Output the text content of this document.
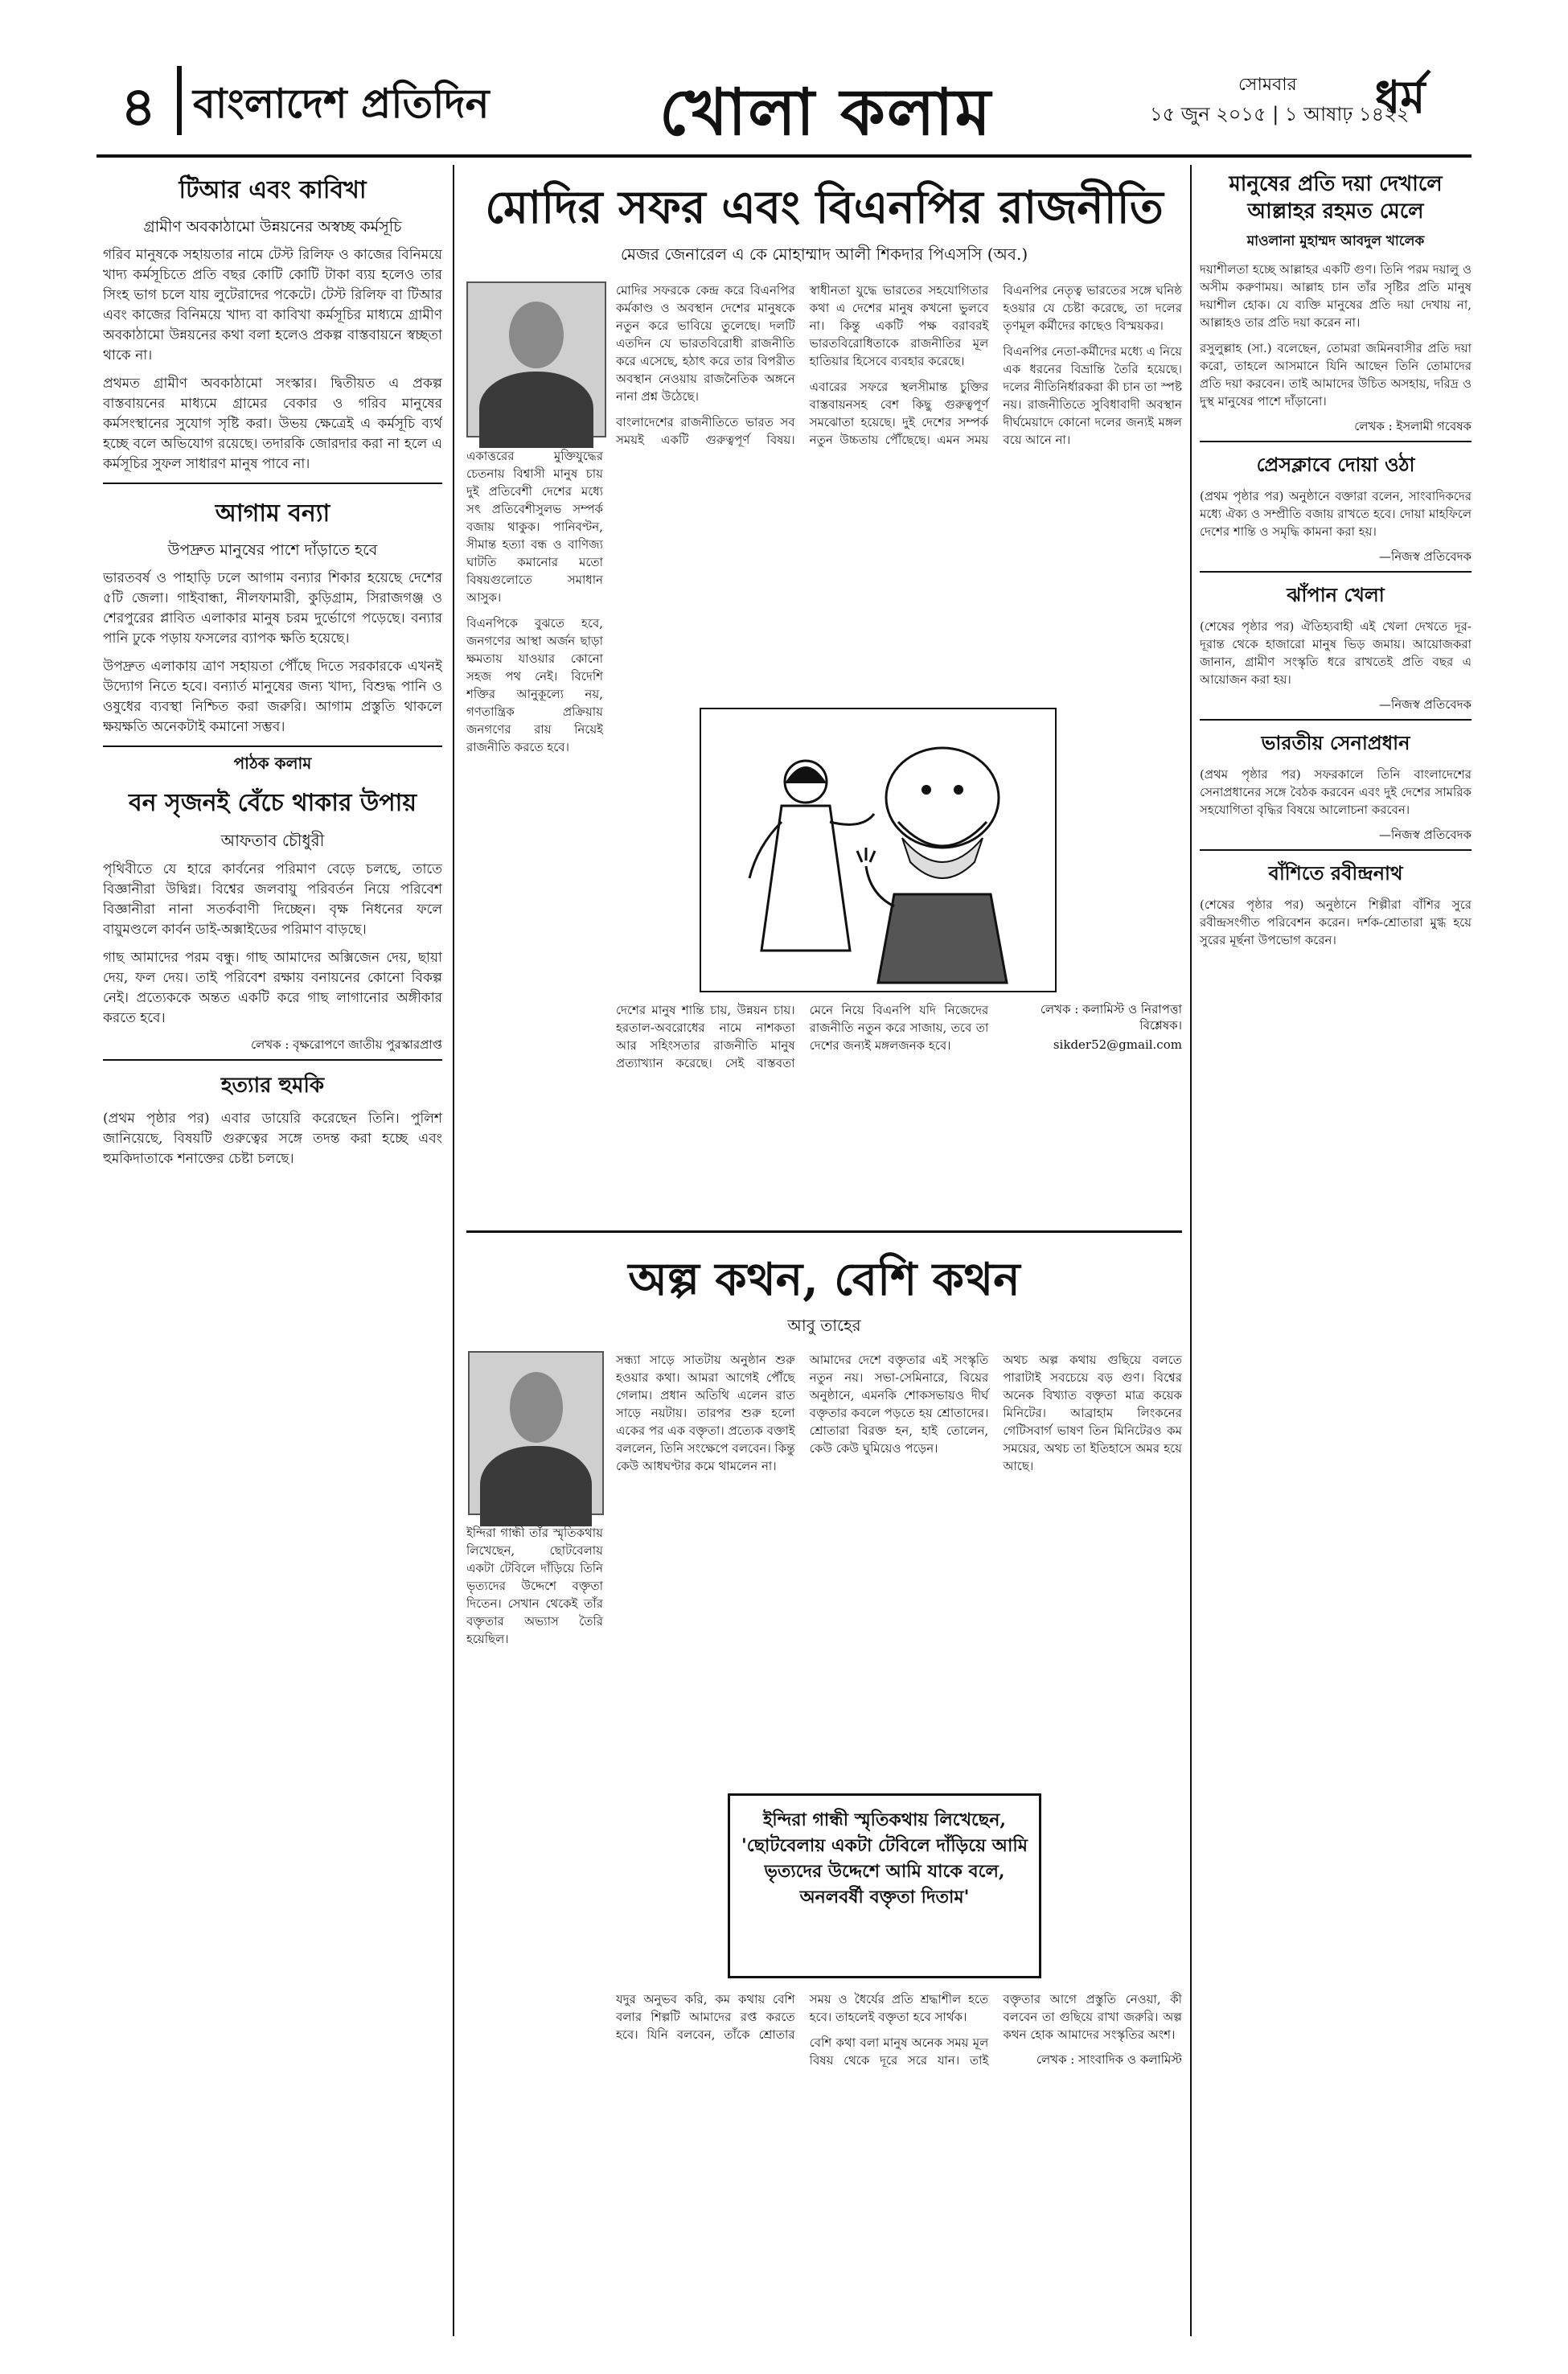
৪ বাংলাদেশ প্রতিদিন	খোলা কলাম	সোমবার
১৫ জুন ২০১৫ | ১ আষাঢ় ১৪২২
ধর্ম
টিআর এবং কাবিখা
গ্রামীণ অবকাঠামো উন্নয়নের অস্বচ্ছ কর্মসূচি

গরিব মানুষকে সহায়তার নামে টেস্ট রিলিফ ও কাজের বিনিময়ে খাদ্য কর্মসূচিতে প্রতি বছর কোটি কোটি টাকা ব্যয় হলেও তার সিংহ ভাগ চলে যায় লুটেরাদের পকেটে। টেস্ট রিলিফ বা টিআর এবং কাজের বিনিময়ে খাদ্য বা কাবিখা কর্মসূচির মাধ্যমে গ্রামীণ অবকাঠামো উন্নয়নের কথা বলা হলেও প্রকল্প বাস্তবায়নে স্বচ্ছতা থাকে না।

প্রথমত গ্রামীণ অবকাঠামো সংস্কার। দ্বিতীয়ত এ প্রকল্প বাস্তবায়নের মাধ্যমে গ্রামের বেকার ও গরিব মানুষের কর্মসংস্থানের সুযোগ সৃষ্টি করা। উভয় ক্ষেত্রেই এ কর্মসূচি ব্যর্থ হচ্ছে বলে অভিযোগ রয়েছে। তদারকি জোরদার করা না হলে এ কর্মসূচির সুফল সাধারণ মানুষ পাবে না।

আগাম বন্যা
উপদ্রুত মানুষের পাশে দাঁড়াতে হবে

ভারতবর্ষ ও পাহাড়ি ঢলে আগাম বন্যার শিকার হয়েছে দেশের ৫টি জেলা। গাইবান্ধা, নীলফামারী, কুড়িগ্রাম, সিরাজগঞ্জ ও শেরপুরের প্লাবিত এলাকার মানুষ চরম দুর্ভোগে পড়েছে। বন্যার পানি ঢুকে পড়ায় ফসলের ব্যাপক ক্ষতি হয়েছে।

উপদ্রুত এলাকায় ত্রাণ সহায়তা পৌঁছে দিতে সরকারকে এখনই উদ্যোগ নিতে হবে। বন্যার্ত মানুষের জন্য খাদ্য, বিশুদ্ধ পানি ও ওষুধের ব্যবস্থা নিশ্চিত করা জরুরি। আগাম প্রস্তুতি থাকলে ক্ষয়ক্ষতি অনেকটাই কমানো সম্ভব।

পাঠক কলাম
বন সৃজনই বেঁচে থাকার উপায়
আফতাব চৌধুরী

পৃথিবীতে যে হারে কার্বনের পরিমাণ বেড়ে চলছে, তাতে বিজ্ঞানীরা উদ্বিগ্ন। বিশ্বের জলবায়ু পরিবর্তন নিয়ে পরিবেশ বিজ্ঞানীরা নানা সতর্কবাণী দিচ্ছেন। বৃক্ষ নিধনের ফলে বায়ুমণ্ডলে কার্বন ডাই-অক্সাইডের পরিমাণ বাড়ছে।

গাছ আমাদের পরম বন্ধু। গাছ আমাদের অক্সিজেন দেয়, ছায়া দেয়, ফল দেয়। তাই পরিবেশ রক্ষায় বনায়নের কোনো বিকল্প নেই। প্রত্যেককে অন্তত একটি করে গাছ লাগানোর অঙ্গীকার করতে হবে।

লেখক : বৃক্ষরোপণে জাতীয় পুরস্কারপ্রাপ্ত
হত্যার হুমকি

(প্রথম পৃষ্ঠার পর) এবার ডায়েরি করেছেন তিনি। পুলিশ জানিয়েছে, বিষয়টি গুরুত্বের সঙ্গে তদন্ত করা হচ্ছে এবং হুমকিদাতাকে শনাক্তের চেষ্টা চলছে।

মোদির সফর এবং বিএনপির রাজনীতি
মেজর জেনারেল এ কে মোহাম্মাদ আলী শিকদার পিএসসি (অব.)

মোদির সফরকে কেন্দ্র করে বিএনপির কর্মকাণ্ড ও অবস্থান দেশের মানুষকে নতুন করে ভাবিয়ে তুলেছে। দলটি এতদিন যে ভারতবিরোধী রাজনীতি করে এসেছে, হঠাৎ করে তার বিপরীত অবস্থান নেওয়ায় রাজনৈতিক অঙ্গনে নানা প্রশ্ন উঠেছে।

বাংলাদেশের রাজনীতিতে ভারত সব সময়ই একটি গুরুত্বপূর্ণ বিষয়। স্বাধীনতা যুদ্ধে ভারতের সহযোগিতার কথা এ দেশের মানুষ কখনো ভুলবে না। কিন্তু একটি পক্ষ বরাবরই ভারতবিরোধিতাকে রাজনীতির মূল হাতিয়ার হিসেবে ব্যবহার করেছে।

এবারের সফরে স্থলসীমান্ত চুক্তির বাস্তবায়নসহ বেশ কিছু গুরুত্বপূর্ণ সমঝোতা হয়েছে। দুই দেশের সম্পর্ক নতুন উচ্চতায় পৌঁছেছে। এমন সময় বিএনপির নেতৃত্ব ভারতের সঙ্গে ঘনিষ্ঠ হওয়ার যে চেষ্টা করেছে, তা দলের তৃণমূল কর্মীদের কাছেও বিস্ময়কর।

বিএনপির নেতা-কর্মীদের মধ্যে এ নিয়ে এক ধরনের বিভ্রান্তি তৈরি হয়েছে। দলের নীতিনির্ধারকরা কী চান তা স্পষ্ট নয়। রাজনীতিতে সুবিধাবাদী অবস্থান দীর্ঘমেয়াদে কোনো দলের জন্যই মঙ্গল বয়ে আনে না।

একাত্তরের মুক্তিযুদ্ধের চেতনায় বিশ্বাসী মানুষ চায় দুই প্রতিবেশী দেশের মধ্যে সৎ প্রতিবেশীসুলভ সম্পর্ক বজায় থাকুক। পানিবণ্টন, সীমান্ত হত্যা বন্ধ ও বাণিজ্য ঘাটতি কমানোর মতো বিষয়গুলোতে সমাধান আসুক।

বিএনপিকে বুঝতে হবে, জনগণের আস্থা অর্জন ছাড়া ক্ষমতায় যাওয়ার কোনো সহজ পথ নেই। বিদেশি শক্তির আনুকূল্যে নয়, গণতান্ত্রিক প্রক্রিয়ায় জনগণের রায় নিয়েই রাজনীতি করতে হবে।

দেশের মানুষ শান্তি চায়, উন্নয়ন চায়। হরতাল-অবরোধের নামে নাশকতা আর সহিংসতার রাজনীতি মানুষ প্রত্যাখ্যান করেছে। সেই বাস্তবতা মেনে নিয়ে বিএনপি যদি নিজেদের রাজনীতি নতুন করে সাজায়, তবে তা দেশের জন্যই মঙ্গলজনক হবে।

লেখক : কলামিস্ট ও নিরাপত্তা বিশ্লেষক।
sikder52@gmail.com
অল্প কথন, বেশি কথন
আবু তাহের

সন্ধ্যা সাড়ে সাতটায় অনুষ্ঠান শুরু হওয়ার কথা। আমরা আগেই পৌঁছে গেলাম। প্রধান অতিথি এলেন রাত সাড়ে নয়টায়। তারপর শুরু হলো একের পর এক বক্তৃতা। প্রত্যেক বক্তাই বললেন, তিনি সংক্ষেপে বলবেন। কিন্তু কেউ আধঘণ্টার কমে থামলেন না।

আমাদের দেশে বক্তৃতার এই সংস্কৃতি নতুন নয়। সভা-সেমিনারে, বিয়ের অনুষ্ঠানে, এমনকি শোকসভায়ও দীর্ঘ বক্তৃতার কবলে পড়তে হয় শ্রোতাদের। শ্রোতারা বিরক্ত হন, হাই তোলেন, কেউ কেউ ঘুমিয়েও পড়েন।

অথচ অল্প কথায় গুছিয়ে বলতে পারাটাই সবচেয়ে বড় গুণ। বিশ্বের অনেক বিখ্যাত বক্তৃতা মাত্র কয়েক মিনিটের। আব্রাহাম লিংকনের গেটিসবার্গ ভাষণ তিন মিনিটেরও কম সময়ের, অথচ তা ইতিহাসে অমর হয়ে আছে।

ইন্দিরা গান্ধী তাঁর স্মৃতিকথায় লিখেছেন, ছোটবেলায় একটা টেবিলে দাঁড়িয়ে তিনি ভৃত্যদের উদ্দেশে বক্তৃতা দিতেন। সেখান থেকেই তাঁর বক্তৃতার অভ্যাস তৈরি হয়েছিল।

ইন্দিরা গান্ধী স্মৃতিকথায় লিখেছেন, 'ছোটবেলায় একটা টেবিলে দাঁড়িয়ে আমি ভৃত্যদের উদ্দেশে আমি যাকে বলে, অনলবর্ষী বক্তৃতা দিতাম'

যদুর অনুভব করি, কম কথায় বেশি বলার শিল্পটি আমাদের রপ্ত করতে হবে। যিনি বলবেন, তাঁকে শ্রোতার সময় ও ধৈর্যের প্রতি শ্রদ্ধাশীল হতে হবে। তাহলেই বক্তৃতা হবে সার্থক।

বেশি কথা বলা মানুষ অনেক সময় মূল বিষয় থেকে দূরে সরে যান। তাই বক্তৃতার আগে প্রস্তুতি নেওয়া, কী বলবেন তা গুছিয়ে রাখা জরুরি। অল্প কথন হোক আমাদের সংস্কৃতির অংশ।

লেখক : সাংবাদিক ও কলামিস্ট
মানুষের প্রতি দয়া দেখালে আল্লাহর রহমত মেলে
মাওলানা মুহাম্মদ আবদুল খালেক

দয়াশীলতা হচ্ছে আল্লাহর একটি গুণ। তিনি পরম দয়ালু ও অসীম করুণাময়। আল্লাহ চান তাঁর সৃষ্টির প্রতি মানুষ দয়াশীল হোক। যে ব্যক্তি মানুষের প্রতি দয়া দেখায় না, আল্লাহও তার প্রতি দয়া করেন না।

রসুলুল্লাহ (সা.) বলেছেন, তোমরা জমিনবাসীর প্রতি দয়া করো, তাহলে আসমানে যিনি আছেন তিনি তোমাদের প্রতি দয়া করবেন। তাই আমাদের উচিত অসহায়, দরিদ্র ও দুস্থ মানুষের পাশে দাঁড়ানো।

লেখক : ইসলামী গবেষক
প্রেসক্লাবে দোয়া ওঠা

(প্রথম পৃষ্ঠার পর) অনুষ্ঠানে বক্তারা বলেন, সাংবাদিকদের মধ্যে ঐক্য ও সম্প্রীতি বজায় রাখতে হবে। দোয়া মাহফিলে দেশের শান্তি ও সমৃদ্ধি কামনা করা হয়।

—নিজস্ব প্রতিবেদক
ঝাঁপান খেলা

(শেষের পৃষ্ঠার পর) ঐতিহ্যবাহী এই খেলা দেখতে দূর-দূরান্ত থেকে হাজারো মানুষ ভিড় জমায়। আয়োজকরা জানান, গ্রামীণ সংস্কৃতি ধরে রাখতেই প্রতি বছর এ আয়োজন করা হয়।

—নিজস্ব প্রতিবেদক
ভারতীয় সেনাপ্রধান

(প্রথম পৃষ্ঠার পর) সফরকালে তিনি বাংলাদেশের সেনাপ্রধানের সঙ্গে বৈঠক করবেন এবং দুই দেশের সামরিক সহযোগিতা বৃদ্ধির বিষয়ে আলোচনা করবেন।

—নিজস্ব প্রতিবেদক
বাঁশিতে রবীন্দ্রনাথ

(শেষের পৃষ্ঠার পর) অনুষ্ঠানে শিল্পীরা বাঁশির সুরে রবীন্দ্রসংগীত পরিবেশন করেন। দর্শক-শ্রোতারা মুগ্ধ হয়ে সুরের মূর্ছনা উপভোগ করেন।
